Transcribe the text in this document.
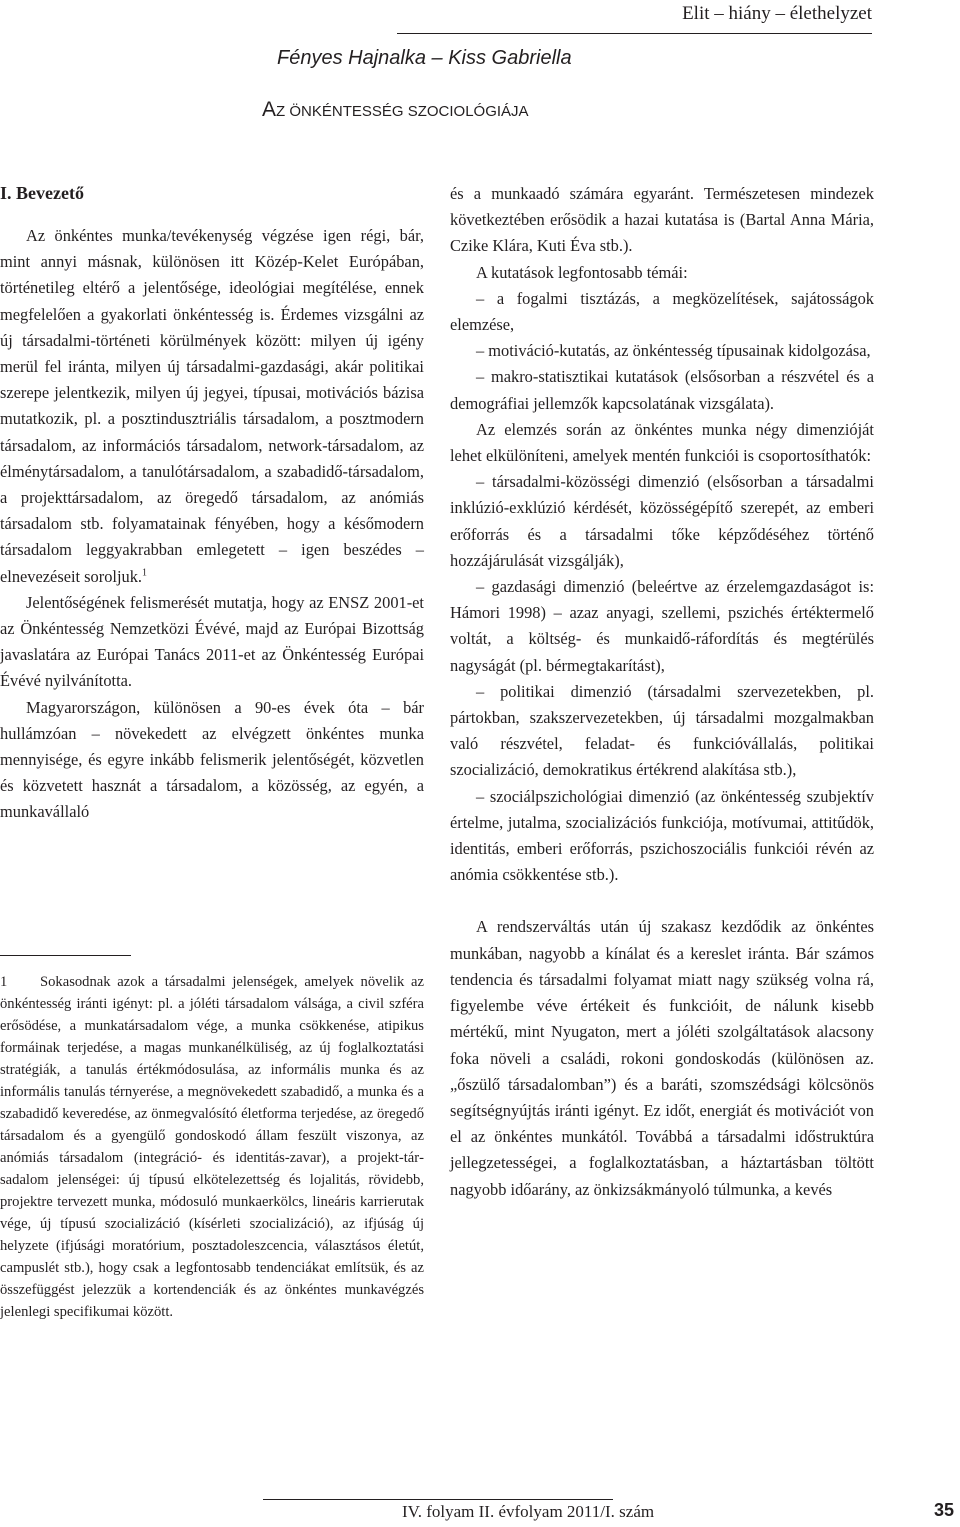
Elit – hiány – élethelyzet
Fényes Hajnalka – Kiss Gabriella
AZ ÖNKÉNTESSÉG SZOCIOLÓGIÁJA
I. Bevezető

Az önkéntes munka/tevékenység végzése igen régi, bár, mint annyi másnak, különösen itt Közép-Kelet Európában, történetileg eltérő a jelentősége, ideológiai megítélése, ennek megfelelően a gyakorlati önkéntesség is. Érdemes vizsgálni az új társadalmi-történeti körülmények között: milyen új igény merül fel iránta, milyen új társadalmi-gazdasági, akár politikai szerepe jelentkezik, milyen új jegyei, típusai, motivációs bázisa mutatkozik, pl. a posztindusztriális társadalom, a posztmodern társadalom, az információs társadalom, network-társadalom, az élménytársadalom, a tanulótársadalom, a szabadidő-társadalom, a projekttársadalom, az öregedő társadalom, az anómiás társadalom stb. folyamatainak fényében, hogy a későmodern társadalom leggyakrabban emlegetett – igen beszédes – elnevezéseit soroljuk.$^1$

Jelentőségének felismerését mutatja, hogy az ENSZ 2001-et az Önkéntesség Nemzetközi Évévé, majd az Európai Bizottság javaslatára az Európai Tanács 2011-et az Önkéntesség Európai Évévé nyilvánította.

Magyarországon, különösen a 90-es évek óta – bár hullámzóan – növekedett az elvégzett önkéntes munka mennyisége, és egyre inkább felismerik jelentőségét, közvetlen és közvetett hasznát a társadalom, a közösség, az egyén, a munkavállaló

1 Sokasodnak azok a társadalmi jelenségek, amelyek növelik az önkéntesség iránti igényt: pl. a jóléti társadalom válsága, a civil szféra erősödése, a munkatársadalom vége, a munka csökkenése, atipikus formáinak terjedése, a magas munkanélküliség, az új foglalkoztatási stratégiák, a tanulás értékmódosulása, az informális munka és az informális tanulás térnyerése, a megnövekedett szabadidő, a munka és a szabadidő keveredése, az önmegvalósító életforma terjedése, az öregedő társadalom és a gyengülő gondoskodó állam feszült viszonya, az anómiás társadalom (integráció- és identitás-zavar), a projekt-társadalom jelenségei: új típusú elkötelezettség és lojalitás, rövidebb, projektre tervezett munka, módosuló munkaerkölcs, lineáris karrierutak vége, új típusú szocializáció (kísérleti szocializáció), az ifjúság új helyzete (ifjúsági moratórium, posztadoleszcencia, választásos életút, campuslét stb.), hogy csak a legfontosabb tendenciákat említsük, és az összefüggést jelezzük a kortendenciák és az önkéntes munkavégzés jelenlegi specifikumai között.

és a munkaadó számára egyaránt. Természetesen mindezek következtében erősödik a hazai kutatása is (Bartal Anna Mária, Czike Klára, Kuti Éva stb.).

A kutatások legfontosabb témái:

– a fogalmi tisztázás, a megközelítések, sajátosságok elemzése,

– motiváció-kutatás, az önkéntesség típusainak kidolgozása,

– makro-statisztikai kutatások (elsősorban a részvétel és a demográfiai jellemzők kapcsolatának vizsgálata).

Az elemzés során az önkéntes munka négy dimenzióját lehet elkülöníteni, amelyek mentén funkciói is csoportosíthatók:

– társadalmi-közösségi dimenzió (elsősorban a társadalmi inklúzió-exklúzió kérdését, közösségépítő szerepét, az emberi erőforrás és a társadalmi tőke képződéséhez történő hozzájárulását vizsgálják),

– gazdasági dimenzió (beleértve az érzelemgazdaságot is: Hámori 1998) – azaz anyagi, szellemi, pszichés értéktermelő voltát, a költség- és munkaidő-ráfordítás és megtérülés nagyságát (pl. bérmegtakarítást),

– politikai dimenzió (társadalmi szervezetekben, pl. pártokban, szakszervezetekben, új társadalmi mozgalmakban való részvétel, feladat- és funkcióvállalás, politikai szocializáció, demokratikus értékrend alakítása stb.),

– szociálpszichológiai dimenzió (az önkéntesség szubjektív értelme, jutalma, szocializációs funkciója, motívumai, attitűdök, identitás, emberi erőforrás, pszichoszociális funkciói révén az anómia csökkentése stb.).

A rendszerváltás után új szakasz kezdődik az önkéntes munkában, nagyobb a kínálat és a kereslet iránta. Bár számos tendencia és társadalmi folyamat miatt nagy szükség volna rá, figyelembe véve értékeit és funkcióit, de nálunk kisebb mértékű, mint Nyugaton, mert a jóléti szolgáltatások alacsony foka növeli a családi, rokoni gondoskodás (különösen az. „őszülő társadalomban”) és a baráti, szomszédsági kölcsönös segítségnyújtás iránti igényt. Ez időt, energiát és motivációt von el az önkéntes munkától. Továbbá a társadalmi időstruktúra jellegzetességei, a foglalkoztatásban, a háztartásban töltött nagyobb időarány, az önkizsákmányoló túlmunka, a kevés

IV. folyam II. évfolyam 2011/I. szám	35
